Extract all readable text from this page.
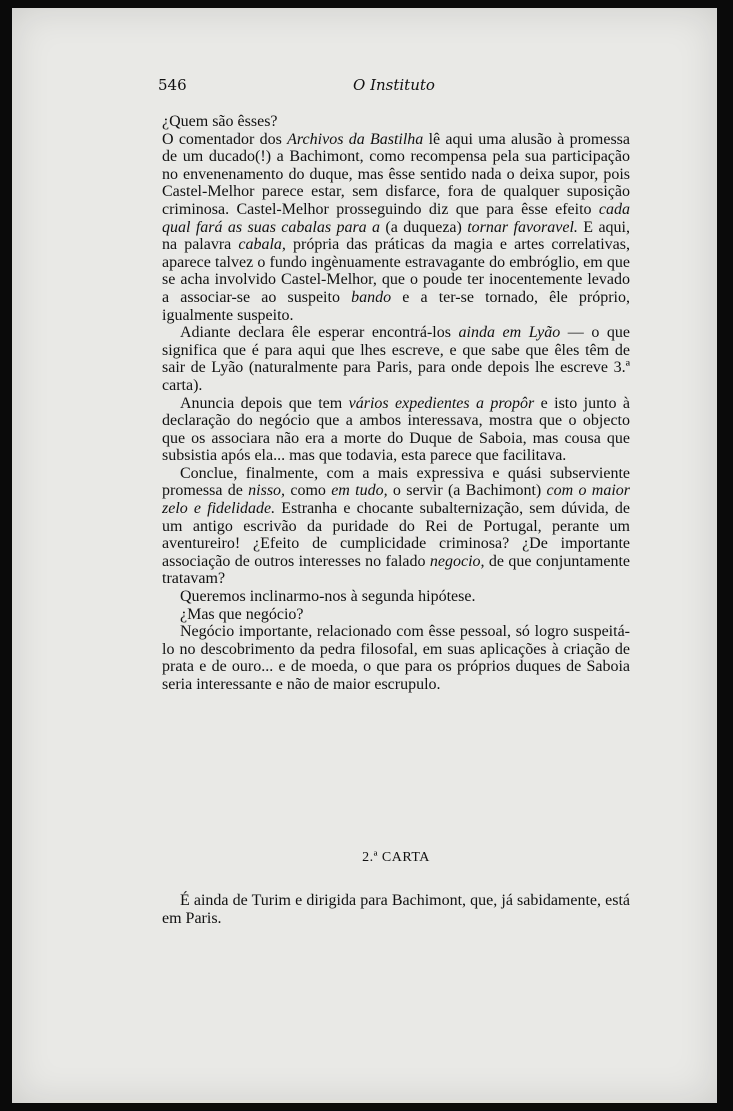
546	O Instituto

¿Quem são êsses?

O comentador dos Archivos da Bastilha lê aqui uma alusão à promessa de um ducado(!) a Bachimont, como recompensa pela sua participação no envenenamento do duque, mas êsse sentido nada o deixa supor, pois Castel-Melhor parece estar, sem disfarce, fora de qualquer suposição criminosa. Castel-Melhor prosseguindo diz que para êsse efeito cada qual fará as suas cabalas para a (a duqueza) tornar favoravel. E aqui, na palavra cabala, própria das práticas da magia e artes correlativas, aparece talvez o fundo ingènuamente estravagante do embróglio, em que se acha involvido Castel-Melhor, que o poude ter inocentemente levado a associar-se ao suspeito bando e a ter-se tornado, êle próprio, igualmente suspeito.

Adiante declara êle esperar encontrá-los ainda em Lyão — o que significa que é para aqui que lhes escreve, e que sabe que êles têm de sair de Lyão (naturalmente para Paris, para onde depois lhe escreve 3.ª carta).

Anuncia depois que tem vários expedientes a propôr e isto junto à declaração do negócio que a ambos interessava, mostra que o objecto que os associara não era a morte do Duque de Saboia, mas cousa que subsistia após ela... mas que todavia, esta parece que facilitava.

Conclue, finalmente, com a mais expressiva e quási subserviente promessa de nisso, como em tudo, o servir (a Bachimont) com o maior zelo e fidelidade. Estranha e chocante subalternização, sem dúvida, de um antigo escrivão da puridade do Rei de Portugal, perante um aventureiro! ¿Efeito de cumplicidade criminosa? ¿De importante associação de outros interesses no falado negocio, de que conjuntamente tratavam?

Queremos inclinarmo-nos à segunda hipótese.

¿Mas que negócio?

Negócio importante, relacionado com êsse pessoal, só logro suspeitá-lo no descobrimento da pedra filosofal, em suas aplicações à criação de prata e de ouro... e de moeda, o que para os próprios duques de Saboia seria interessante e não de maior escrupulo.

2.ª CARTA

É ainda de Turim e dirigida para Bachimont, que, já sabidamente, está em Paris.
